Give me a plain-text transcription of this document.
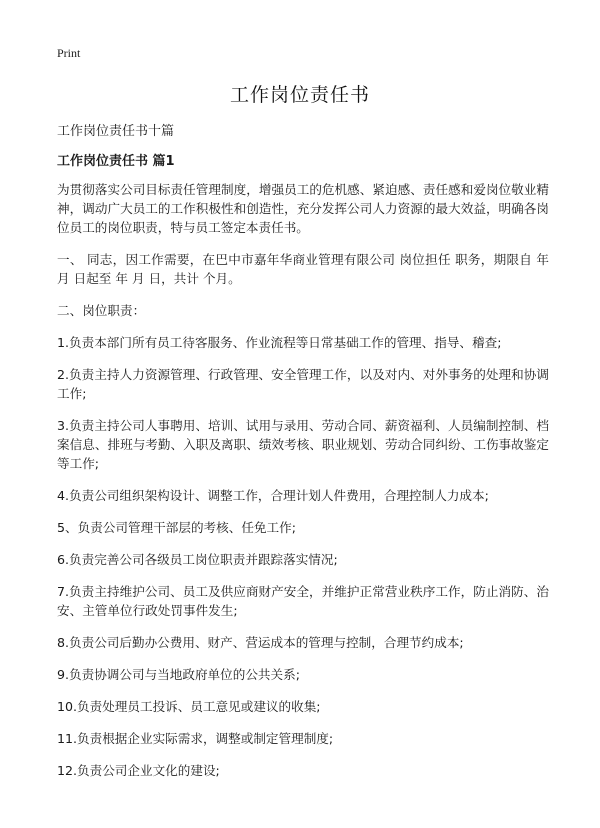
Print
工作岗位责任书

工作岗位责任书十篇

工作岗位责任书 篇1

为贯彻落实公司目标责任管理制度，增强员工的危机感、紧迫感、责任感和爱岗位敬业精神，调动广大员工的工作积极性和创造性，充分发挥公司人力资源的最大效益，明确各岗位员工的岗位职责，特与员工签定本责任书。

一、 同志，因工作需要，在巴中市嘉年华商业管理有限公司 岗位担任 职务，期限自 年 月 日起至 年 月 日，共计 个月。

二、岗位职责：

1.负责本部门所有员工待客服务、作业流程等日常基础工作的管理、指导、稽查;

2.负责主持人力资源管理、行政管理、安全管理工作，以及对内、对外事务的处理和协调工作;

3.负责主持公司人事聘用、培训、试用与录用、劳动合同、薪资福利、人员编制控制、档案信息、排班与考勤、入职及离职、绩效考核、职业规划、劳动合同纠纷、工伤事故鉴定等工作;

4.负责公司组织架构设计、调整工作，合理计划人件费用，合理控制人力成本;

5、负责公司管理干部层的考核、任免工作;

6.负责完善公司各级员工岗位职责并跟踪落实情况;

7.负责主持维护公司、员工及供应商财产安全，并维护正常营业秩序工作，防止消防、治安、主管单位行政处罚事件发生;

8.负责公司后勤办公费用、财产、营运成本的管理与控制，合理节约成本;

9.负责协调公司与当地政府单位的公共关系;

10.负责处理员工投诉、员工意见或建议的收集;

11.负责根据企业实际需求，调整或制定管理制度;

12.负责公司企业文化的建设;
